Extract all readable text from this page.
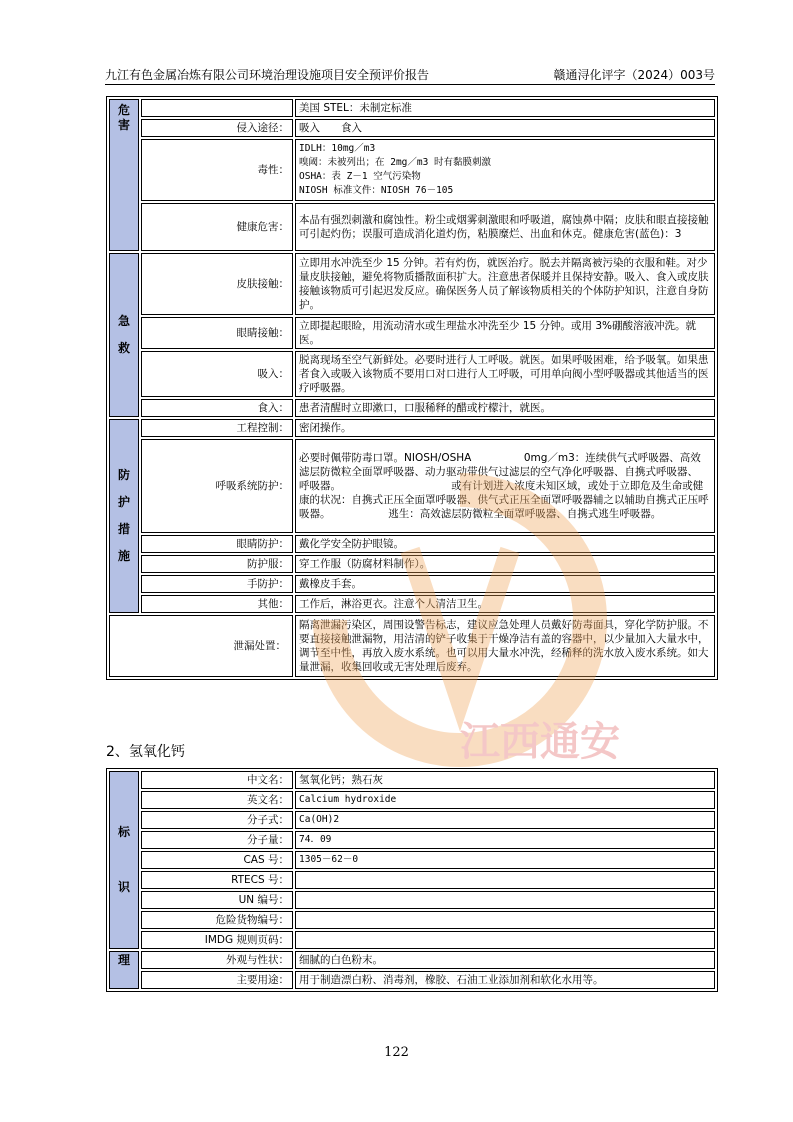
九江有色金属冶炼有限公司环境治理设施项目安全预评价报告	赣通浔化评字（2024）003号
危
害		美国 STEL：未制定标准
	侵入途径：	吸入　　食入
	毒性：	IDLH：10mg／m3
嗅阈：未被列出；在 2mg／m3 时有黏膜刺激
OSHA：表 Z－1 空气污染物
NIOSH 标准文件：NIOSH 76－105

	健康危害：	本品有强烈刺激和腐蚀性。粉尘或烟雾刺激眼和呼吸道，腐蚀鼻中隔；皮肤和眼直接接触可引起灼伤；误服可造成消化道灼伤，粘膜糜烂、出血和休克。健康危害(蓝色)：3

急
救	皮肤接触：	立即用水冲洗至少 15 分钟。若有灼伤，就医治疗。脱去并隔离被污染的衣服和鞋。对少量皮肤接触，避免将物质播散面积扩大。注意患者保暖并且保持安静。吸入、食入或皮肤接触该物质可引起迟发反应。确保医务人员了解该物质相关的个体防护知识，注意自身防护。
	眼睛接触：	立即提起眼睑，用流动清水或生理盐水冲洗至少 15 分钟。或用 3%硼酸溶液冲洗。就医。
	吸入：	脱离现场至空气新鲜处。必要时进行人工呼吸。就医。如果呼吸困难，给予吸氧。如果患者食入或吸入该物质不要用口对口进行人工呼吸，可用单向阀小型呼吸器或其他适当的医疗呼吸器。
	食入：	患者清醒时立即漱口，口服稀释的醋或柠檬汁，就医。

防
护
措
施	工程控制：	密闭操作。
	呼吸系统防护：	必要时佩带防毒口罩。NIOSH/OSHA　　　　　0mg／m3：连续供气式呼吸器、高效滤层防微粒全面罩呼吸器、动力驱动带供气过滤层的空气净化呼吸器、自携式呼吸器、　　　　　　呼吸器。　　　　　　　　　　　或有计划进入浓度未知区域，或处于立即危及生命或健康的状况：自携式正压全面罩呼吸器、供气式正压全面罩呼吸器辅之以辅助自携式正压呼吸器。　　　　　　逃生：高效滤层防微粒全面罩呼吸器、自携式逃生呼吸器。
	眼睛防护：	戴化学安全防护眼镜。
	防护服：	穿工作服（防腐材料制作）。
	手防护：	戴橡皮手套。
	其他：	工作后，淋浴更衣。注意个人清洁卫生。
泄漏处置：		隔离泄漏污染区，周围设警告标志，建议应急处理人员戴好防毒面具，穿化学防护服。不要直接接触泄漏物，用洁清的铲子收集于干燥净洁有盖的容器中，以少量加入大量水中，调节至中性，再放入废水系统。也可以用大量水冲洗，经稀释的洗水放入废水系统。如大量泄漏，收集回收或无害处理后废弃。
2、氢氧化钙
标
识	中文名：	氢氧化钙；熟石灰
	英文名：	Calcium hydroxide
	分子式：	Ca(OH)2
	分子量：	74．09
	CAS 号：	1305－62－0
	RTECS 号：	
	UN 编号：	
	危险货物编号：	
	IMDG 规则页码：	

理	外观与性状：	细腻的白色粉末。
	主要用途：	用于制造漂白粉、消毒剂，橡胶、石油工业添加剂和软化水用等。
江西通安
122
